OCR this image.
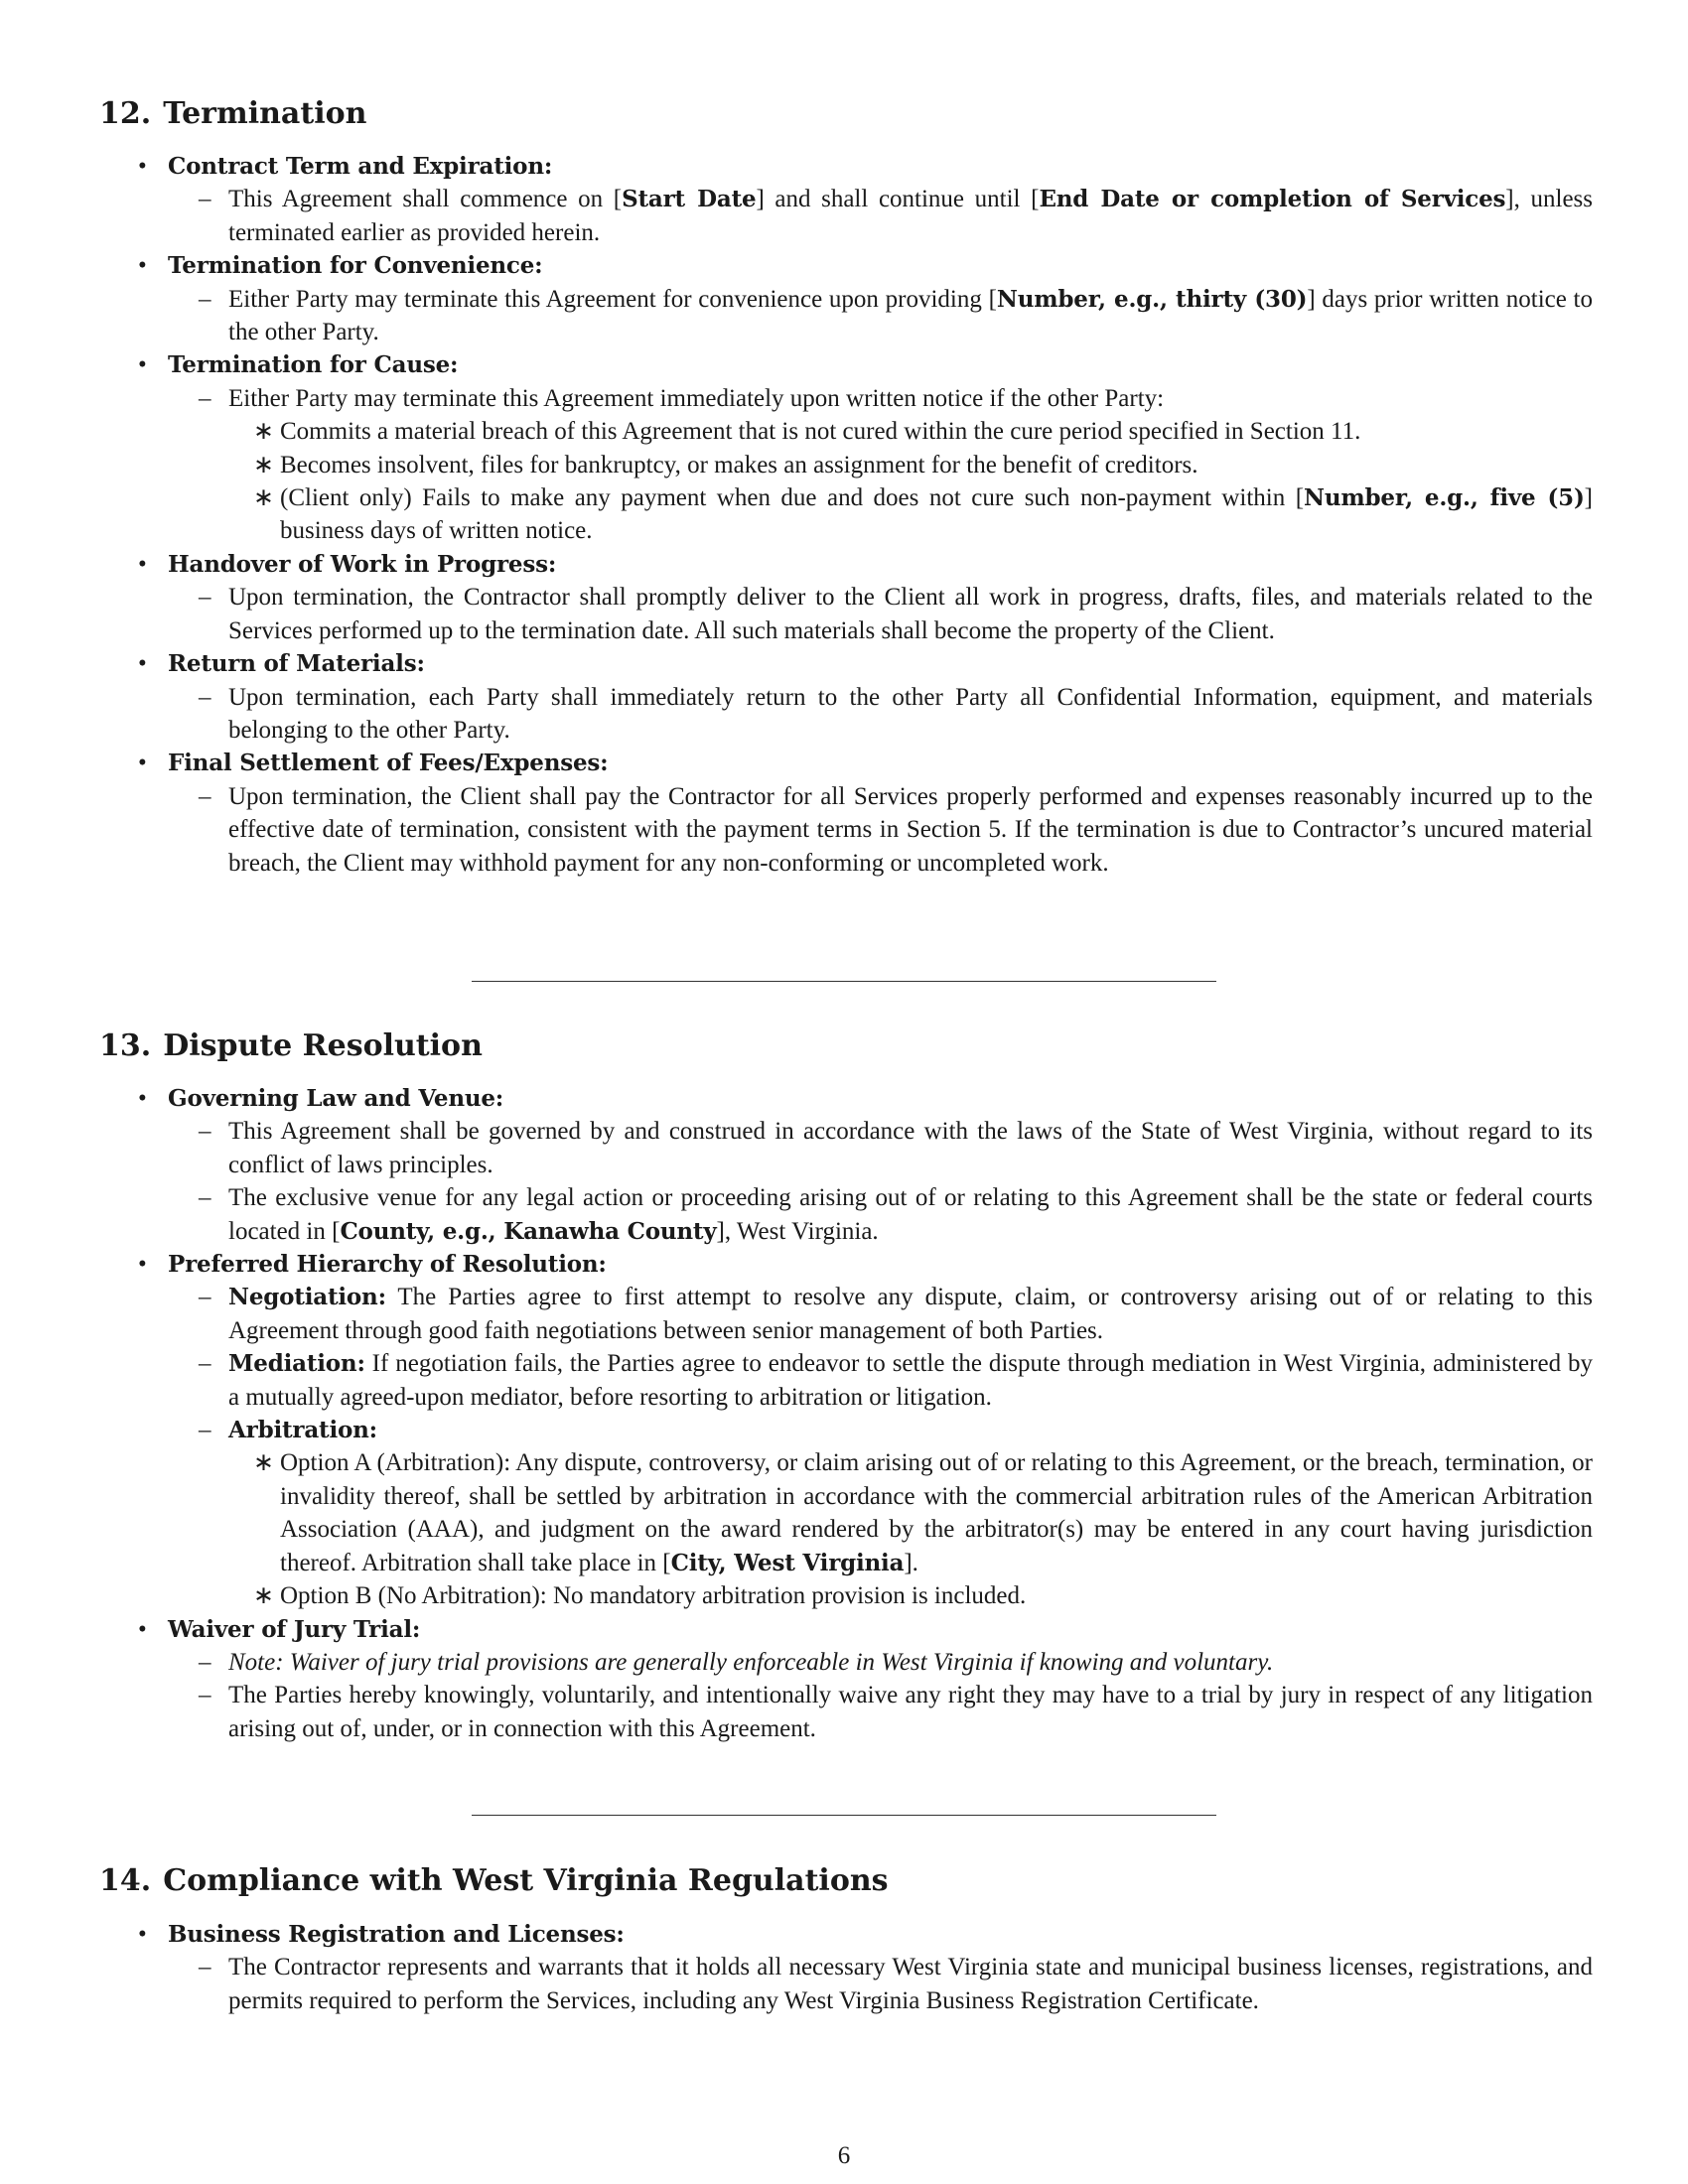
12. Termination
• Contract Term and Expiration:
– This Agreement shall commence on [Start Date] and shall continue until [End Date or completion of Services], unless terminated earlier as provided herein.
• Termination for Convenience:
– Either Party may terminate this Agreement for convenience upon providing [Number, e.g., thirty (30)] days prior written notice to the other Party.
• Termination for Cause:
– Either Party may terminate this Agreement immediately upon written notice if the other Party:
∗ Commits a material breach of this Agreement that is not cured within the cure period specified in Section 11.
∗ Becomes insolvent, files for bankruptcy, or makes an assignment for the benefit of creditors.
∗ (Client only) Fails to make any payment when due and does not cure such non-payment within [Number, e.g., five (5)] business days of written notice.
• Handover of Work in Progress:
– Upon termination, the Contractor shall promptly deliver to the Client all work in progress, drafts, files, and materials related to the Services performed up to the termination date. All such materials shall become the property of the Client.
• Return of Materials:
– Upon termination, each Party shall immediately return to the other Party all Confidential Information, equipment, and materials belonging to the other Party.
• Final Settlement of Fees/Expenses:
– Upon termination, the Client shall pay the Contractor for all Services properly performed and expenses reasonably incurred up to the effective date of termination, consistent with the payment terms in Section 5. If the termination is due to Contractor’s uncured material breach, the Client may withhold payment for any non-conforming or uncompleted work.
13. Dispute Resolution
• Governing Law and Venue:
– This Agreement shall be governed by and construed in accordance with the laws of the State of West Virginia, without regard to its conflict of laws principles.
– The exclusive venue for any legal action or proceeding arising out of or relating to this Agreement shall be the state or federal courts located in [County, e.g., Kanawha County], West Virginia.
• Preferred Hierarchy of Resolution:
– Negotiation: The Parties agree to first attempt to resolve any dispute, claim, or controversy arising out of or relating to this Agreement through good faith negotiations between senior management of both Parties.
– Mediation: If negotiation fails, the Parties agree to endeavor to settle the dispute through mediation in West Virginia, administered by a mutually agreed-upon mediator, before resorting to arbitration or litigation.
– Arbitration:
∗ Option A (Arbitration): Any dispute, controversy, or claim arising out of or relating to this Agreement, or the breach, termination, or invalidity thereof, shall be settled by arbitration in accordance with the commercial arbitration rules of the American Arbitration Association (AAA), and judgment on the award rendered by the arbitrator(s) may be entered in any court having jurisdiction thereof. Arbitration shall take place in [City, West Virginia].
∗ Option B (No Arbitration): No mandatory arbitration provision is included.
• Waiver of Jury Trial:
– Note: Waiver of jury trial provisions are generally enforceable in West Virginia if knowing and voluntary.
– The Parties hereby knowingly, voluntarily, and intentionally waive any right they may have to a trial by jury in respect of any litigation arising out of, under, or in connection with this Agreement.
14. Compliance with West Virginia Regulations
• Business Registration and Licenses:
– The Contractor represents and warrants that it holds all necessary West Virginia state and municipal business licenses, registrations, and permits required to perform the Services, including any West Virginia Business Registration Certificate.
6
